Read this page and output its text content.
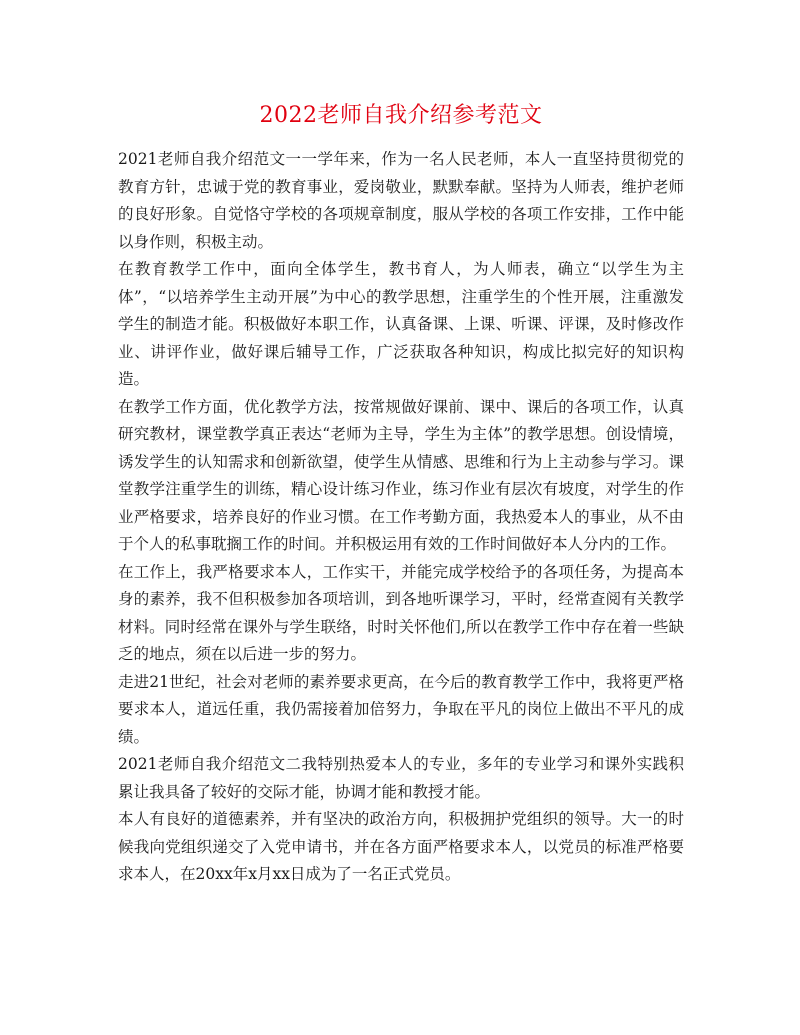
2022老师自我介绍参考范文

2021老师自我介绍范文一一学年来，作为一名人民老师，本人一直坚持贯彻党的教育方针，忠诚于党的教育事业，爱岗敬业，默默奉献。坚持为人师表，维护老师的良好形象。自觉恪守学校的各项规章制度，服从学校的各项工作安排，工作中能以身作则，积极主动。

在教育教学工作中，面向全体学生，教书育人，为人师表，确立“以学生为主体”，“以培养学生主动开展”为中心的教学思想，注重学生的个性开展，注重激发学生的制造才能。积极做好本职工作，认真备课、上课、听课、评课，及时修改作业、讲评作业，做好课后辅导工作，广泛获取各种知识，构成比拟完好的知识构造。

在教学工作方面，优化教学方法，按常规做好课前、课中、课后的各项工作，认真研究教材，课堂教学真正表达“老师为主导，学生为主体”的教学思想。创设情境，诱发学生的认知需求和创新欲望，使学生从情感、思维和行为上主动参与学习。课堂教学注重学生的训练，精心设计练习作业，练习作业有层次有坡度，对学生的作业严格要求，培养良好的作业习惯。在工作考勤方面，我热爱本人的事业，从不由于个人的私事耽搁工作的时间。并积极运用有效的工作时间做好本人分内的工作。

在工作上，我严格要求本人，工作实干，并能完成学校给予的各项任务，为提高本身的素养，我不但积极参加各项培训，到各地听课学习，平时，经常查阅有关教学材料。同时经常在课外与学生联络，时时关怀他们,所以在教学工作中存在着一些缺乏的地点，须在以后进一步的努力。

走进21世纪，社会对老师的素养要求更高，在今后的教育教学工作中，我将更严格要求本人，道远任重，我仍需接着加倍努力，争取在平凡的岗位上做出不平凡的成绩。

2021老师自我介绍范文二我特别热爱本人的专业，多年的专业学习和课外实践积累让我具备了较好的交际才能，协调才能和教授才能。

本人有良好的道德素养，并有坚决的政治方向，积极拥护党组织的领导。大一的时候我向党组织递交了入党申请书，并在各方面严格要求本人，以党员的标准严格要求本人，在20xx年x月xx日成为了一名正式党员。
